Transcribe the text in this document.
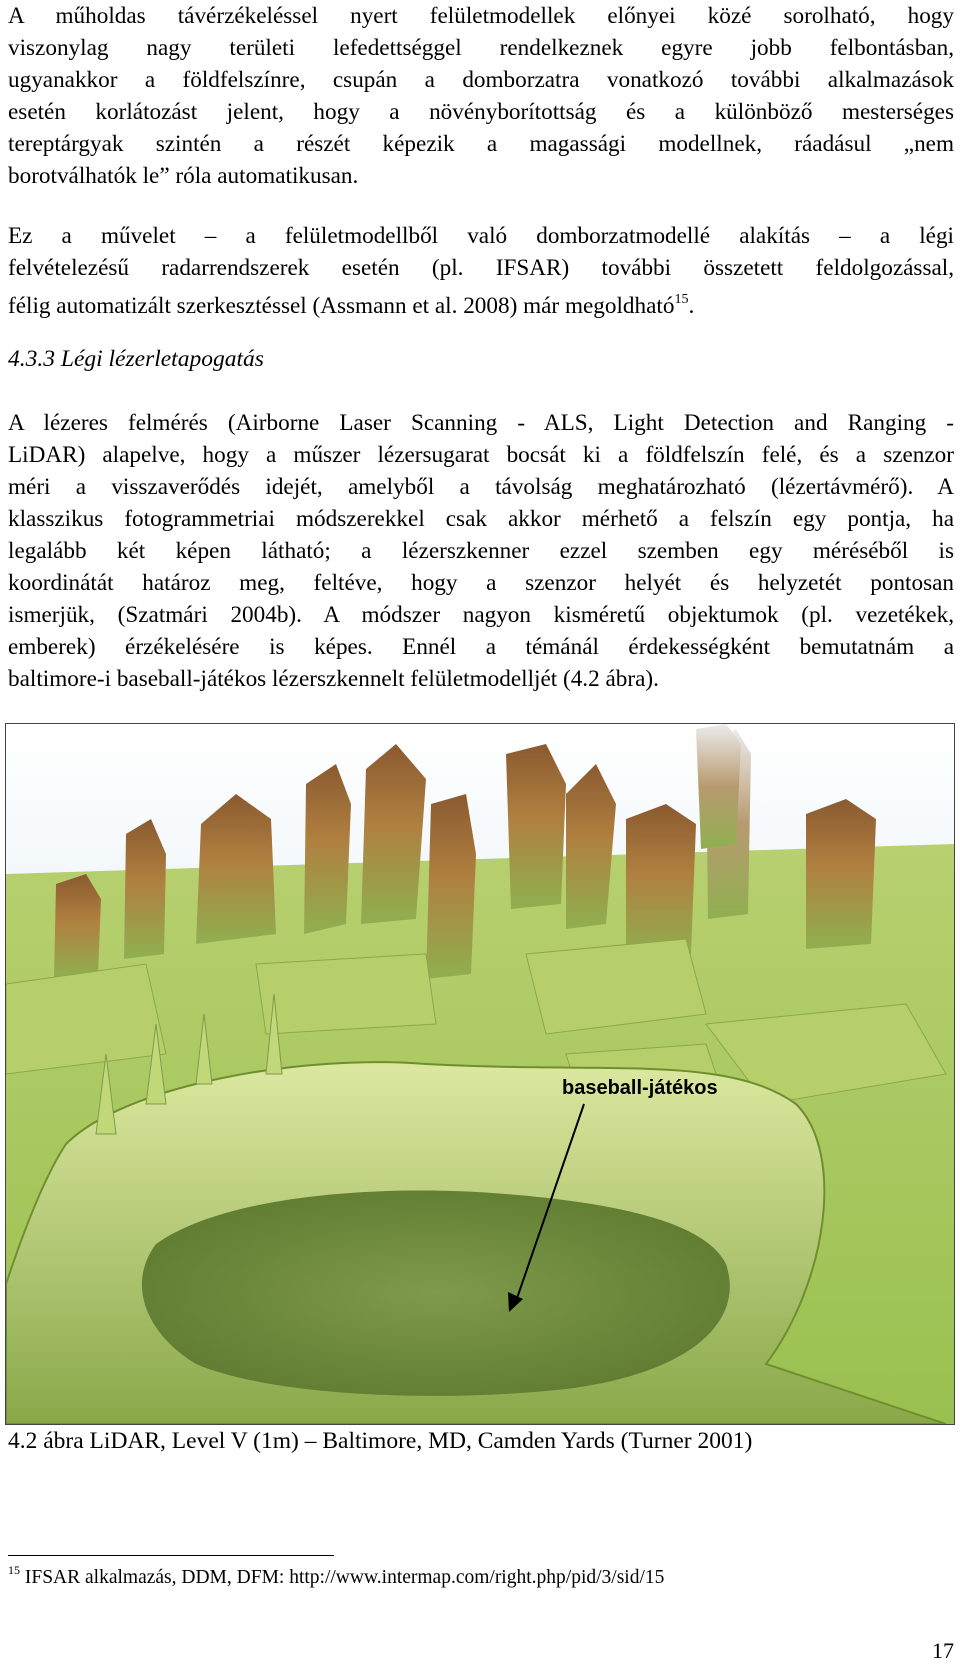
A műholdas távérzékeléssel nyert felületmodellek előnyei közé sorolható, hogy
viszonylag nagy területi lefedettséggel rendelkeznek egyre jobb felbontásban,
ugyanakkor a földfelszínre, csupán a domborzatra vonatkozó további alkalmazások
esetén korlátozást jelent, hogy a növényborítottság és a különböző mesterséges
tereptárgyak szintén a részét képezik a magassági modellnek, ráadásul „nem
borotválhatók le” róla automatikusan.
Ez a művelet – a felületmodellből való domborzatmodellé alakítás – a légi
felvételezésű radarrendszerek esetén (pl. IFSAR) további összetett feldolgozással,
félig automatizált szerkesztéssel (Assmann et al. 2008) már megoldható$^{15}$.
4.3.3 Légi lézerletapogatás
A lézeres felmérés (Airborne Laser Scanning - ALS, Light Detection and Ranging -
LiDAR) alapelve, hogy a műszer lézersugarat bocsát ki a földfelszín felé, és a szenzor
méri a visszaverődés idejét, amelyből a távolság meghatározható (lézertávmérő). A
klasszikus fotogrammetriai módszerekkel csak akkor mérhető a felszín egy pontja, ha
legalább két képen látható; a lézerszkenner ezzel szemben egy méréséből is
koordinátát határoz meg, feltéve, hogy a szenzor helyét és helyzetét pontosan
ismerjük, (Szatmári 2004b). A módszer nagyon kisméretű objektumok (pl. vezetékek,
emberek) érzékelésére is képes. Ennél a témánál érdekességként bemutatnám a
baltimore-i baseball-játékos lézerszkennelt felületmodelljét (4.2 ábra).
baseball-játékos
4.2 ábra LiDAR, Level V (1m) – Baltimore, MD, Camden Yards (Turner 2001)
$^{15}$ IFSAR alkalmazás, DDM, DFM: http://www.intermap.com/right.php/pid/3/sid/15
17
